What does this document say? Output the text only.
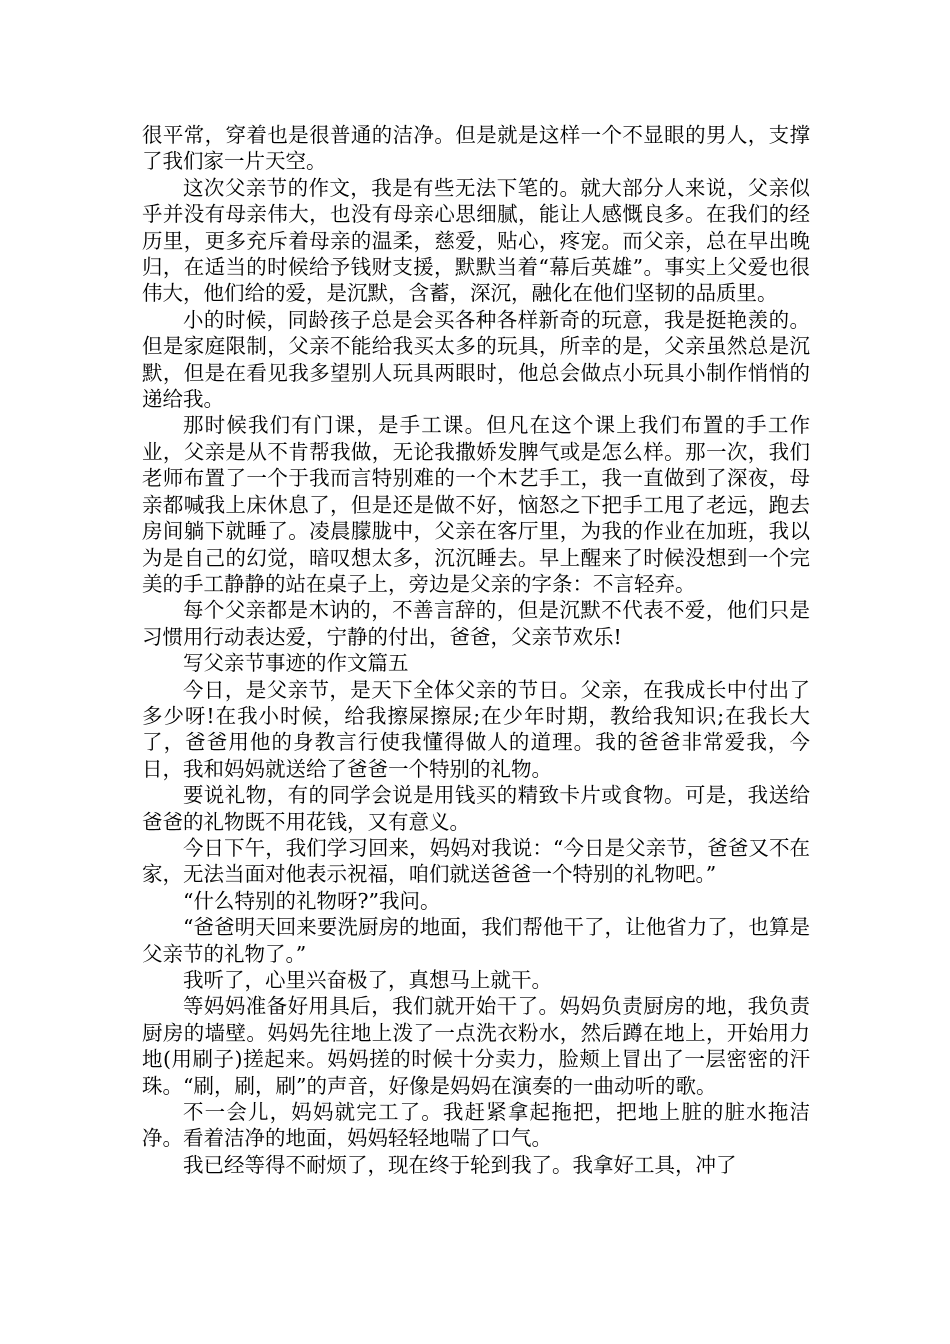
很平常，穿着也是很普通的洁净。但是就是这样一个不显眼的男人，支撑了我们家一片天空。

这次父亲节的作文，我是有些无法下笔的。就大部分人来说，父亲似乎并没有母亲伟大，也没有母亲心思细腻，能让人感慨良多。在我们的经历里，更多充斥着母亲的温柔，慈爱，贴心，疼宠。而父亲，总在早出晚归，在适当的时候给予钱财支援，默默当着“幕后英雄”。事实上父爱也很伟大，他们给的爱，是沉默，含蓄，深沉，融化在他们坚韧的品质里。

小的时候，同龄孩子总是会买各种各样新奇的玩意，我是挺艳羡的。但是家庭限制，父亲不能给我买太多的玩具，所幸的是，父亲虽然总是沉默，但是在看见我多望别人玩具两眼时，他总会做点小玩具小制作悄悄的递给我。

那时候我们有门课，是手工课。但凡在这个课上我们布置的手工作业，父亲是从不肯帮我做，无论我撒娇发脾气或是怎么样。那一次，我们老师布置了一个于我而言特别难的一个木艺手工，我一直做到了深夜，母亲都喊我上床休息了，但是还是做不好，恼怒之下把手工甩了老远，跑去房间躺下就睡了。凌晨朦胧中，父亲在客厅里，为我的作业在加班，我以为是自己的幻觉，暗叹想太多，沉沉睡去。早上醒来了时候没想到一个完美的手工静静的站在桌子上，旁边是父亲的字条：不言轻弃。

每个父亲都是木讷的，不善言辞的，但是沉默不代表不爱，他们只是习惯用行动表达爱，宁静的付出，爸爸，父亲节欢乐!

写父亲节事迹的作文篇五

今日，是父亲节，是天下全体父亲的节日。父亲，在我成长中付出了多少呀!在我小时候，给我擦屎擦尿;在少年时期，教给我知识;在我长大了，爸爸用他的身教言行使我懂得做人的道理。我的爸爸非常爱我，今日，我和妈妈就送给了爸爸一个特别的礼物。

要说礼物，有的同学会说是用钱买的精致卡片或食物。可是，我送给爸爸的礼物既不用花钱，又有意义。

今日下午，我们学习回来，妈妈对我说：“今日是父亲节，爸爸又不在家，无法当面对他表示祝福，咱们就送爸爸一个特别的礼物吧。”

“什么特别的礼物呀?”我问。

“爸爸明天回来要洗厨房的地面，我们帮他干了，让他省力了，也算是父亲节的礼物了。”

我听了，心里兴奋极了，真想马上就干。

等妈妈准备好用具后，我们就开始干了。妈妈负责厨房的地，我负责厨房的墙壁。妈妈先往地上泼了一点洗衣粉水，然后蹲在地上，开始用力地(用刷子)搓起来。妈妈搓的时候十分卖力，脸颊上冒出了一层密密的汗珠。“刷，刷，刷”的声音，好像是妈妈在演奏的一曲动听的歌。

不一会儿，妈妈就完工了。我赶紧拿起拖把，把地上脏的脏水拖洁净。看着洁净的地面，妈妈轻轻地喘了口气。

我已经等得不耐烦了，现在终于轮到我了。我拿好工具，冲了
